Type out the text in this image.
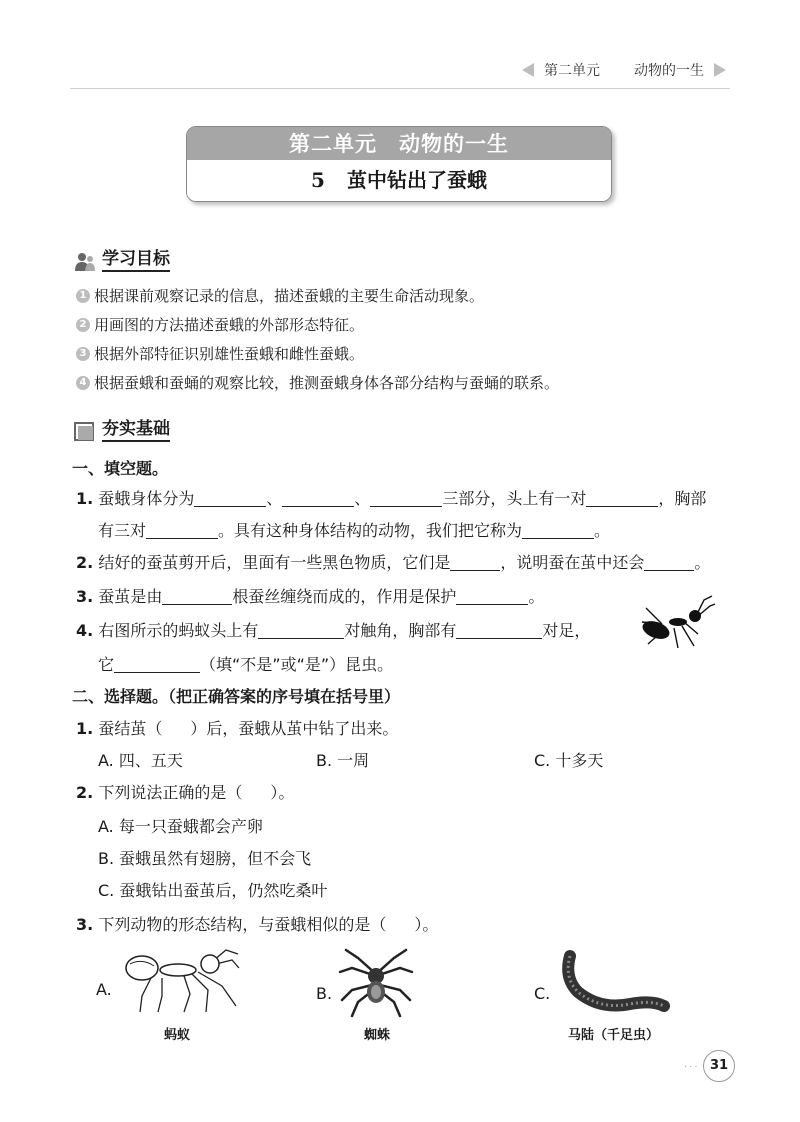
第二单元 动物的一生
第二单元　动物的一生
5 茧中钻出了蚕蛾
学习目标
1 根据课前观察记录的信息，描述蚕蛾的主要生命活动现象。
2 用画图的方法描述蚕蛾的外部形态特征。
3 根据外部特征识别雄性蚕蛾和雌性蚕蛾。
4 根据蚕蛾和蚕蛹的观察比较，推测蚕蛾身体各部分结构与蚕蛹的联系。
夯实基础
一、填空题。
1. 蚕蛾身体分为	、	、	三部分，头上有一对	，胸部
有三对	。具有这种身体结构的动物，我们把它称为	。
2. 结好的蚕茧剪开后，里面有一些黑色物质，它们是	，说明蚕在茧中还会	。
3. 蚕茧是由	根蚕丝缠绕而成的，作用是保护	。
4. 右图所示的蚂蚁头上有	对触角，胸部有	对足，
它	（填“不是”或“是”）昆虫。
二、选择题。（把正确答案的序号填在括号里）
1. 蚕结茧（ ）后，蚕蛾从茧中钻了出来。
A. 四、五天	B. 一周	C. 十多天
2. 下列说法正确的是（ ）。
A. 每一只蚕蛾都会产卵
B. 蚕蛾虽然有翅膀，但不会飞
C. 蚕蛾钻出蚕茧后，仍然吃桑叶
3. 下列动物的形态结构，与蚕蛾相似的是（ ）。
A.
蚂蚁
B.
蜘蛛
C.
马陆（千足虫）
··· 31
